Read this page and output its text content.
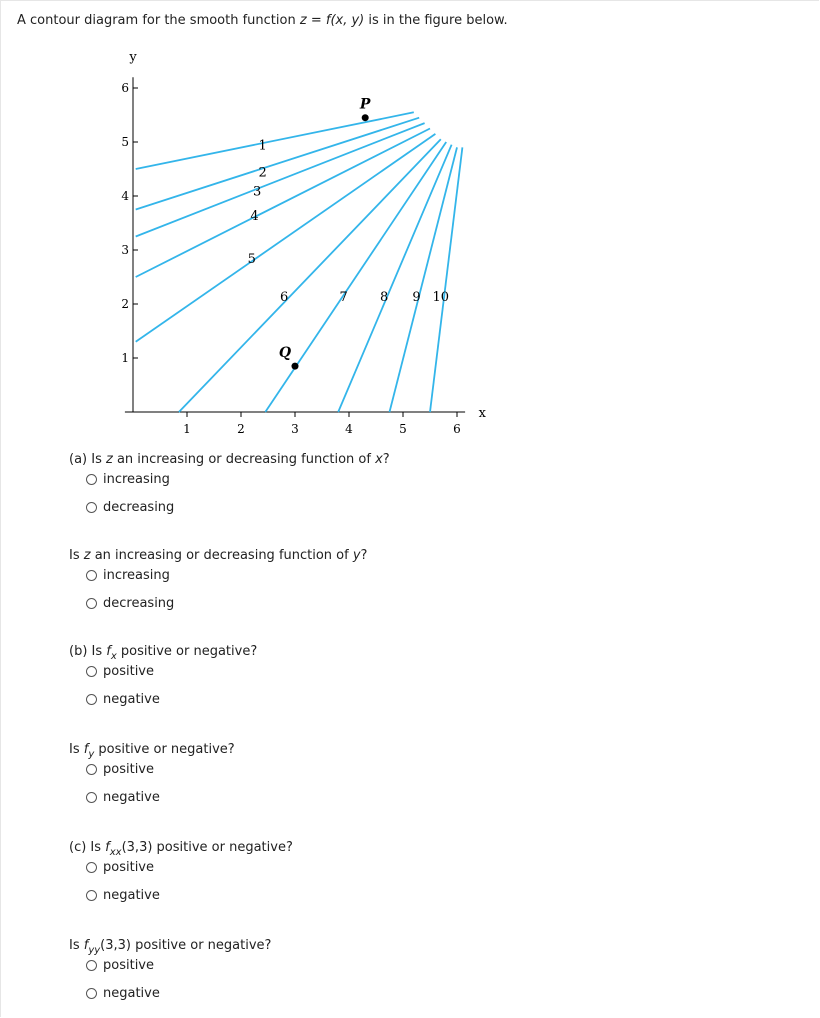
A contour diagram for the smooth function z = f(x, y) is in the figure below.
1	2	3	4	5	6
1
2
3
4
5
6
x
y
1
2
3
4
5
6	7 8 9 10
P
Q
(a) Is z an increasing or decreasing function of x?
Is z an increasing or decreasing function of y?
(b) Is $f_x$ positive or negative?
Is $f_y$ positive or negative?
(c) Is $f_{xx}(3,3)$ positive or negative?
Is $f_{yy}(3,3)$ positive or negative?
increasing
decreasing
increasing
decreasing
positive
negative
positive
negative
positive
negative
positive
negative
